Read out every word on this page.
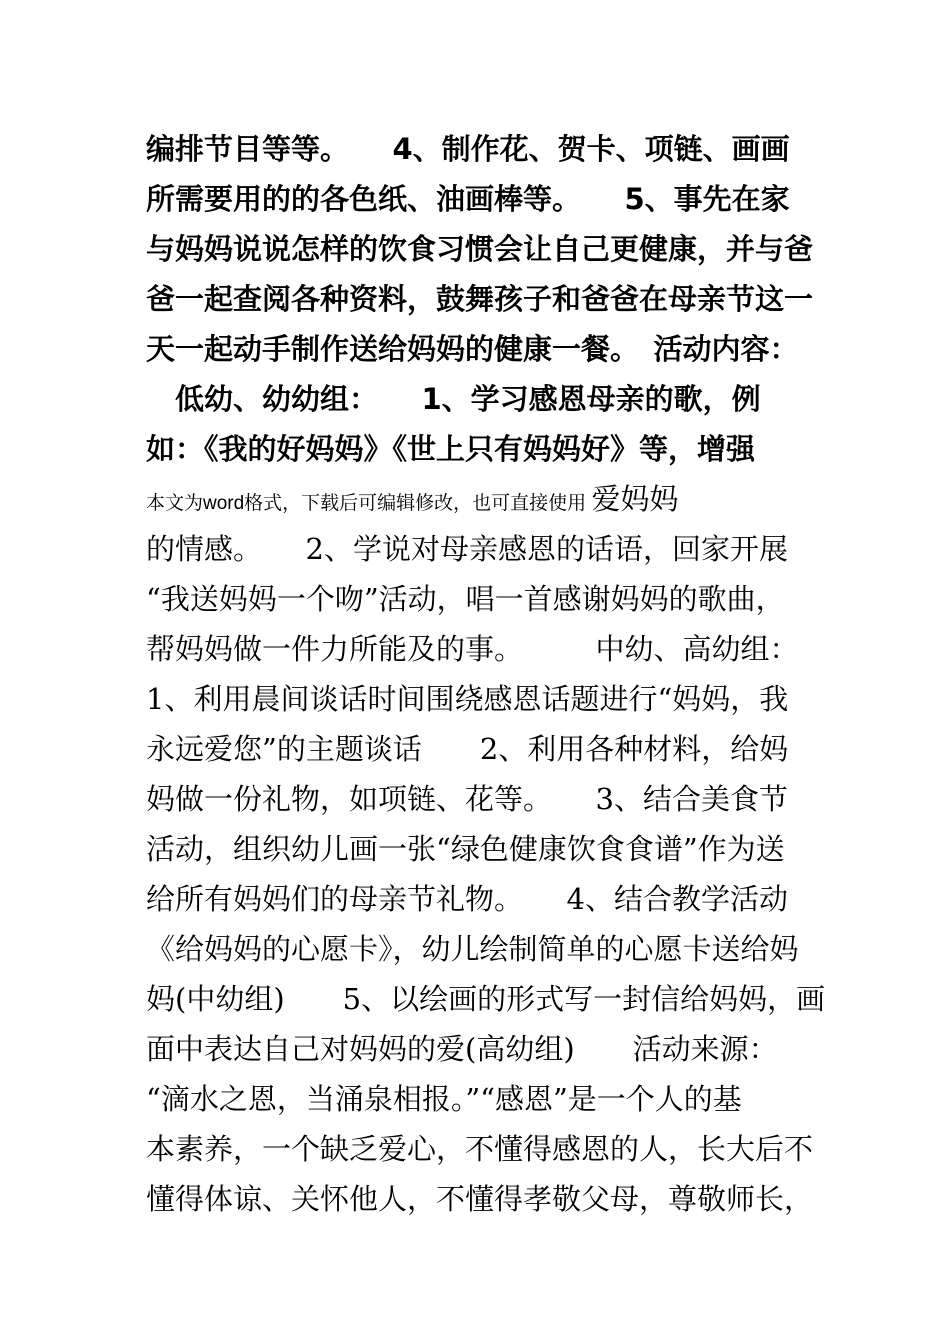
编排节目等等。　　4、制作花、贺卡、项链、画画
所需要用的的各色纸、油画棒等。　　5、事先在家
与妈妈说说怎样的饮食习惯会让自己更健康，并与爸
爸一起查阅各种资料，鼓舞孩子和爸爸在母亲节这一
天一起动手制作送给妈妈的健康一餐。　活动内容：
　低幼、幼幼组：　　1、学习感恩母亲的歌，例
如：《我的好妈妈》《世上只有妈妈好》等，增强
本文为word格式，下载后可编辑修改，也可直接使用 爱妈妈
的情感。　　2、学说对母亲感恩的话语，回家开展
“我送妈妈一个吻”活动，唱一首感谢妈妈的歌曲，
帮妈妈做一件力所能及的事。　　　中幼、高幼组：
1、利用晨间谈话时间围绕感恩话题进行“妈妈，我
永远爱您”的主题谈话　　2、利用各种材料，给妈
妈做一份礼物，如项链、花等。　　3、结合美食节
活动，组织幼儿画一张“绿色健康饮食食谱”作为送
给所有妈妈们的母亲节礼物。　　4、结合教学活动
《给妈妈的心愿卡》，幼儿绘制简单的心愿卡送给妈
妈(中幼组)　　5、以绘画的形式写一封信给妈妈，画
面中表达自己对妈妈的爱(高幼组)　　活动来源：
“滴水之恩，当涌泉相报。”“感恩”是一个人的基
本素养，一个缺乏爱心，不懂得感恩的人，长大后不
懂得体谅、关怀他人，不懂得孝敬父母，尊敬师长，
